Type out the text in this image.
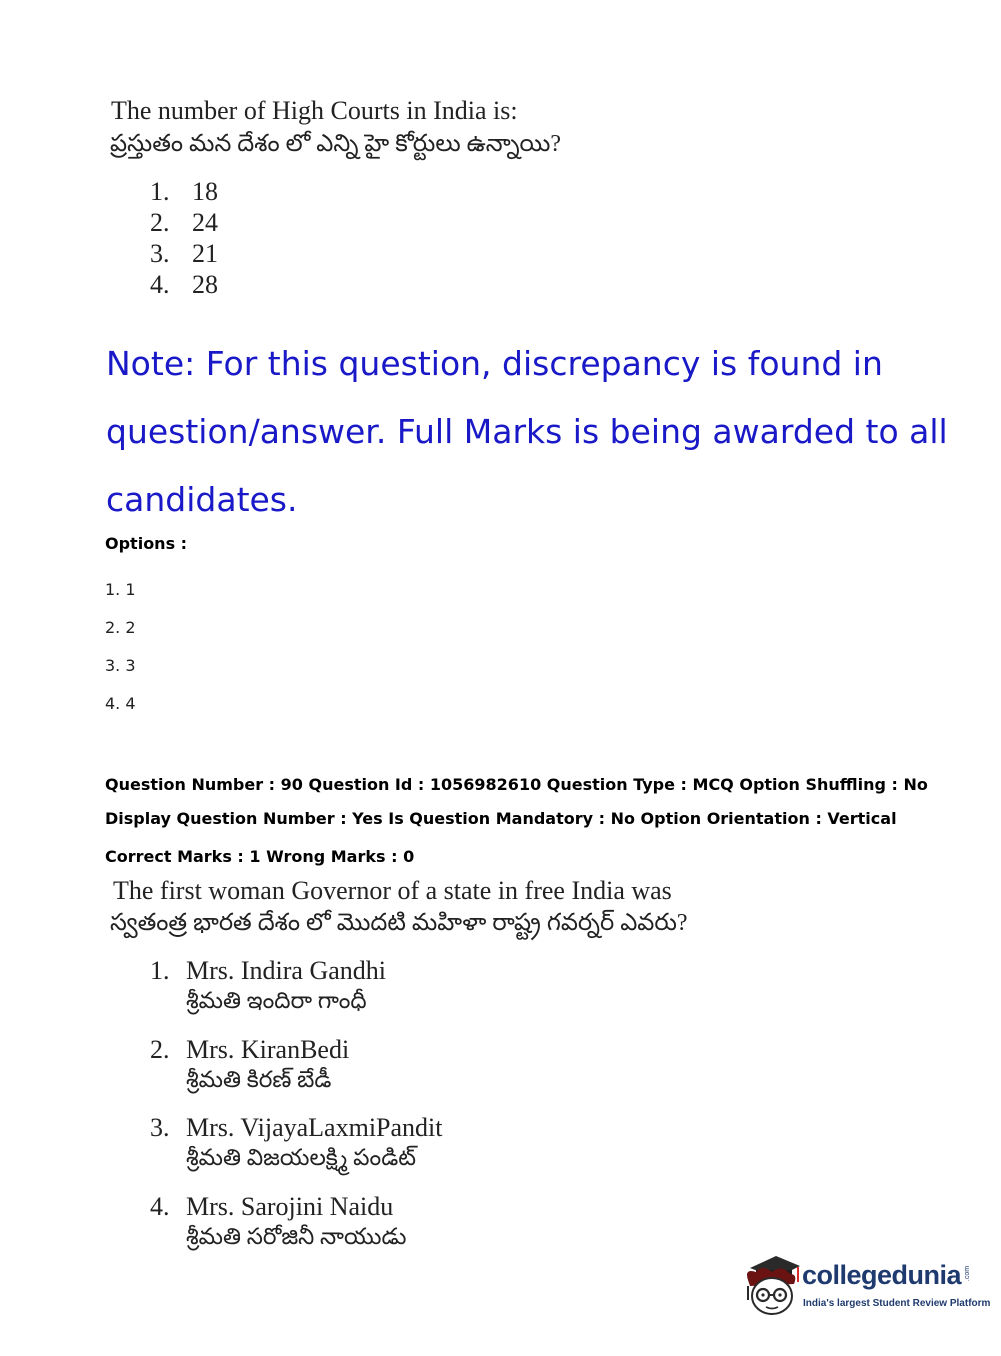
The number of High Courts in India is:
ప్రస్తుతం మన దేశం లో ఎన్ని హై కోర్టులు ఉన్నాయి?
1. 18
2. 24
3. 21
4. 28
Note: For this question, discrepancy is found in question/answer. Full Marks is being awarded to all candidates.
Options :
1. 1
2. 2
3. 3
4. 4
Question Number : 90 Question Id : 1056982610 Question Type : MCQ Option Shuffling : No
Display Question Number : Yes Is Question Mandatory : No Option Orientation : Vertical
Correct Marks : 1 Wrong Marks : 0
The first woman Governor of a state in free India was
స్వతంత్ర భారత దేశం లో మొదటి మహిళా రాష్ట్ర గవర్నర్ ఎవరు?
1. Mrs. Indira Gandhi
శ్రీమతి ఇందిరా గాంధీ
2. Mrs. KiranBedi
శ్రీమతి కిరణ్ బేడీ
3. Mrs. VijayaLaxmiPandit
శ్రీమతి విజయలక్ష్మి పండిట్
4. Mrs. Sarojini Naidu
శ్రీమతి సరోజినీ నాయుడు
collegedunia .com
India's largest Student Review Platform
